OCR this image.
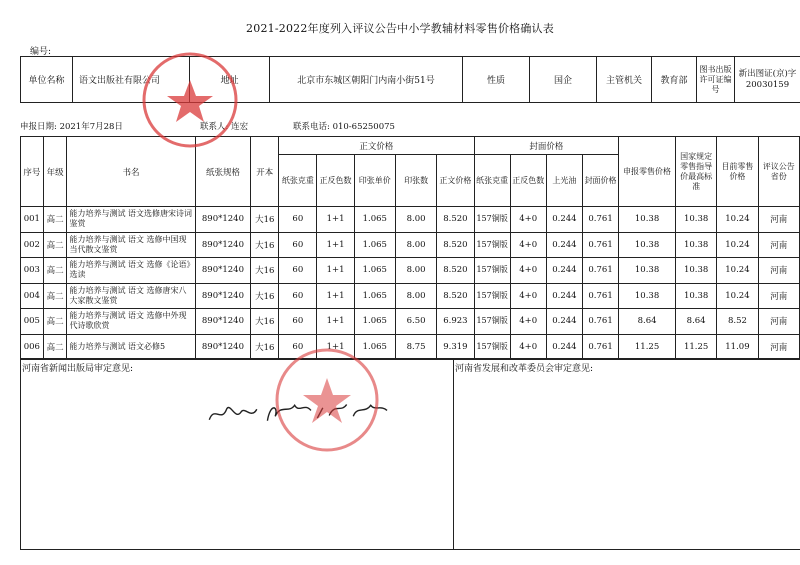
2021-2022年度列入评议公告中小学教辅材料零售价格确认表
编号:
单位名称	语文出版社有限公司	地址	北京市东城区朝阳门内南小街51号	性质	国企	主管机关	教育部	图书出版许可证编号	新出图证(京)字20030159
申报日期: 2021年7月28日	联系人: 连宏	联系电话: 010-65250075
序号	年级	书名	纸张规格	开本	正文价格					封面价格				申报零售价格	国家规定零售指导价最高标准	目前零售价格	评议公告省份
					纸张克重	正反色数	印张单价	印张数	正文价格	纸张克重	正反色数	上光油	封面价格				
001	高二	能力培养与测试 语文选修唐宋诗词鉴赏	890*1240	大16	60	1+1	1.065	8.00	8.520	157铜版	4+0	0.244	0.761	10.38	10.38	10.24	河南
002	高二	能力培养与测试 语文 选修中国现当代散文鉴赏	890*1240	大16	60	1+1	1.065	8.00	8.520	157铜版	4+0	0.244	0.761	10.38	10.38	10.24	河南
003	高二	能力培养与测试 语文 选修《论语》选读	890*1240	大16	60	1+1	1.065	8.00	8.520	157铜版	4+0	0.244	0.761	10.38	10.38	10.24	河南
004	高二	能力培养与测试 语文 选修唐宋八大家散文鉴赏	890*1240	大16	60	1+1	1.065	8.00	8.520	157铜版	4+0	0.244	0.761	10.38	10.38	10.24	河南
005	高二	能力培养与测试 语文 选修中外现代诗歌欣赏	890*1240	大16	60	1+1	1.065	6.50	6.923	157铜版	4+0	0.244	0.761	8.64	8.64	8.52	河南
006	高二	能力培养与测试 语文必修5	890*1240	大16	60	1+1	1.065	8.75	9.319	157铜版	4+0	0.244	0.761	11.25	11.25	11.09	河南
河南省新闻出版局审定意见:	河南省发展和改革委员会审定意见:
